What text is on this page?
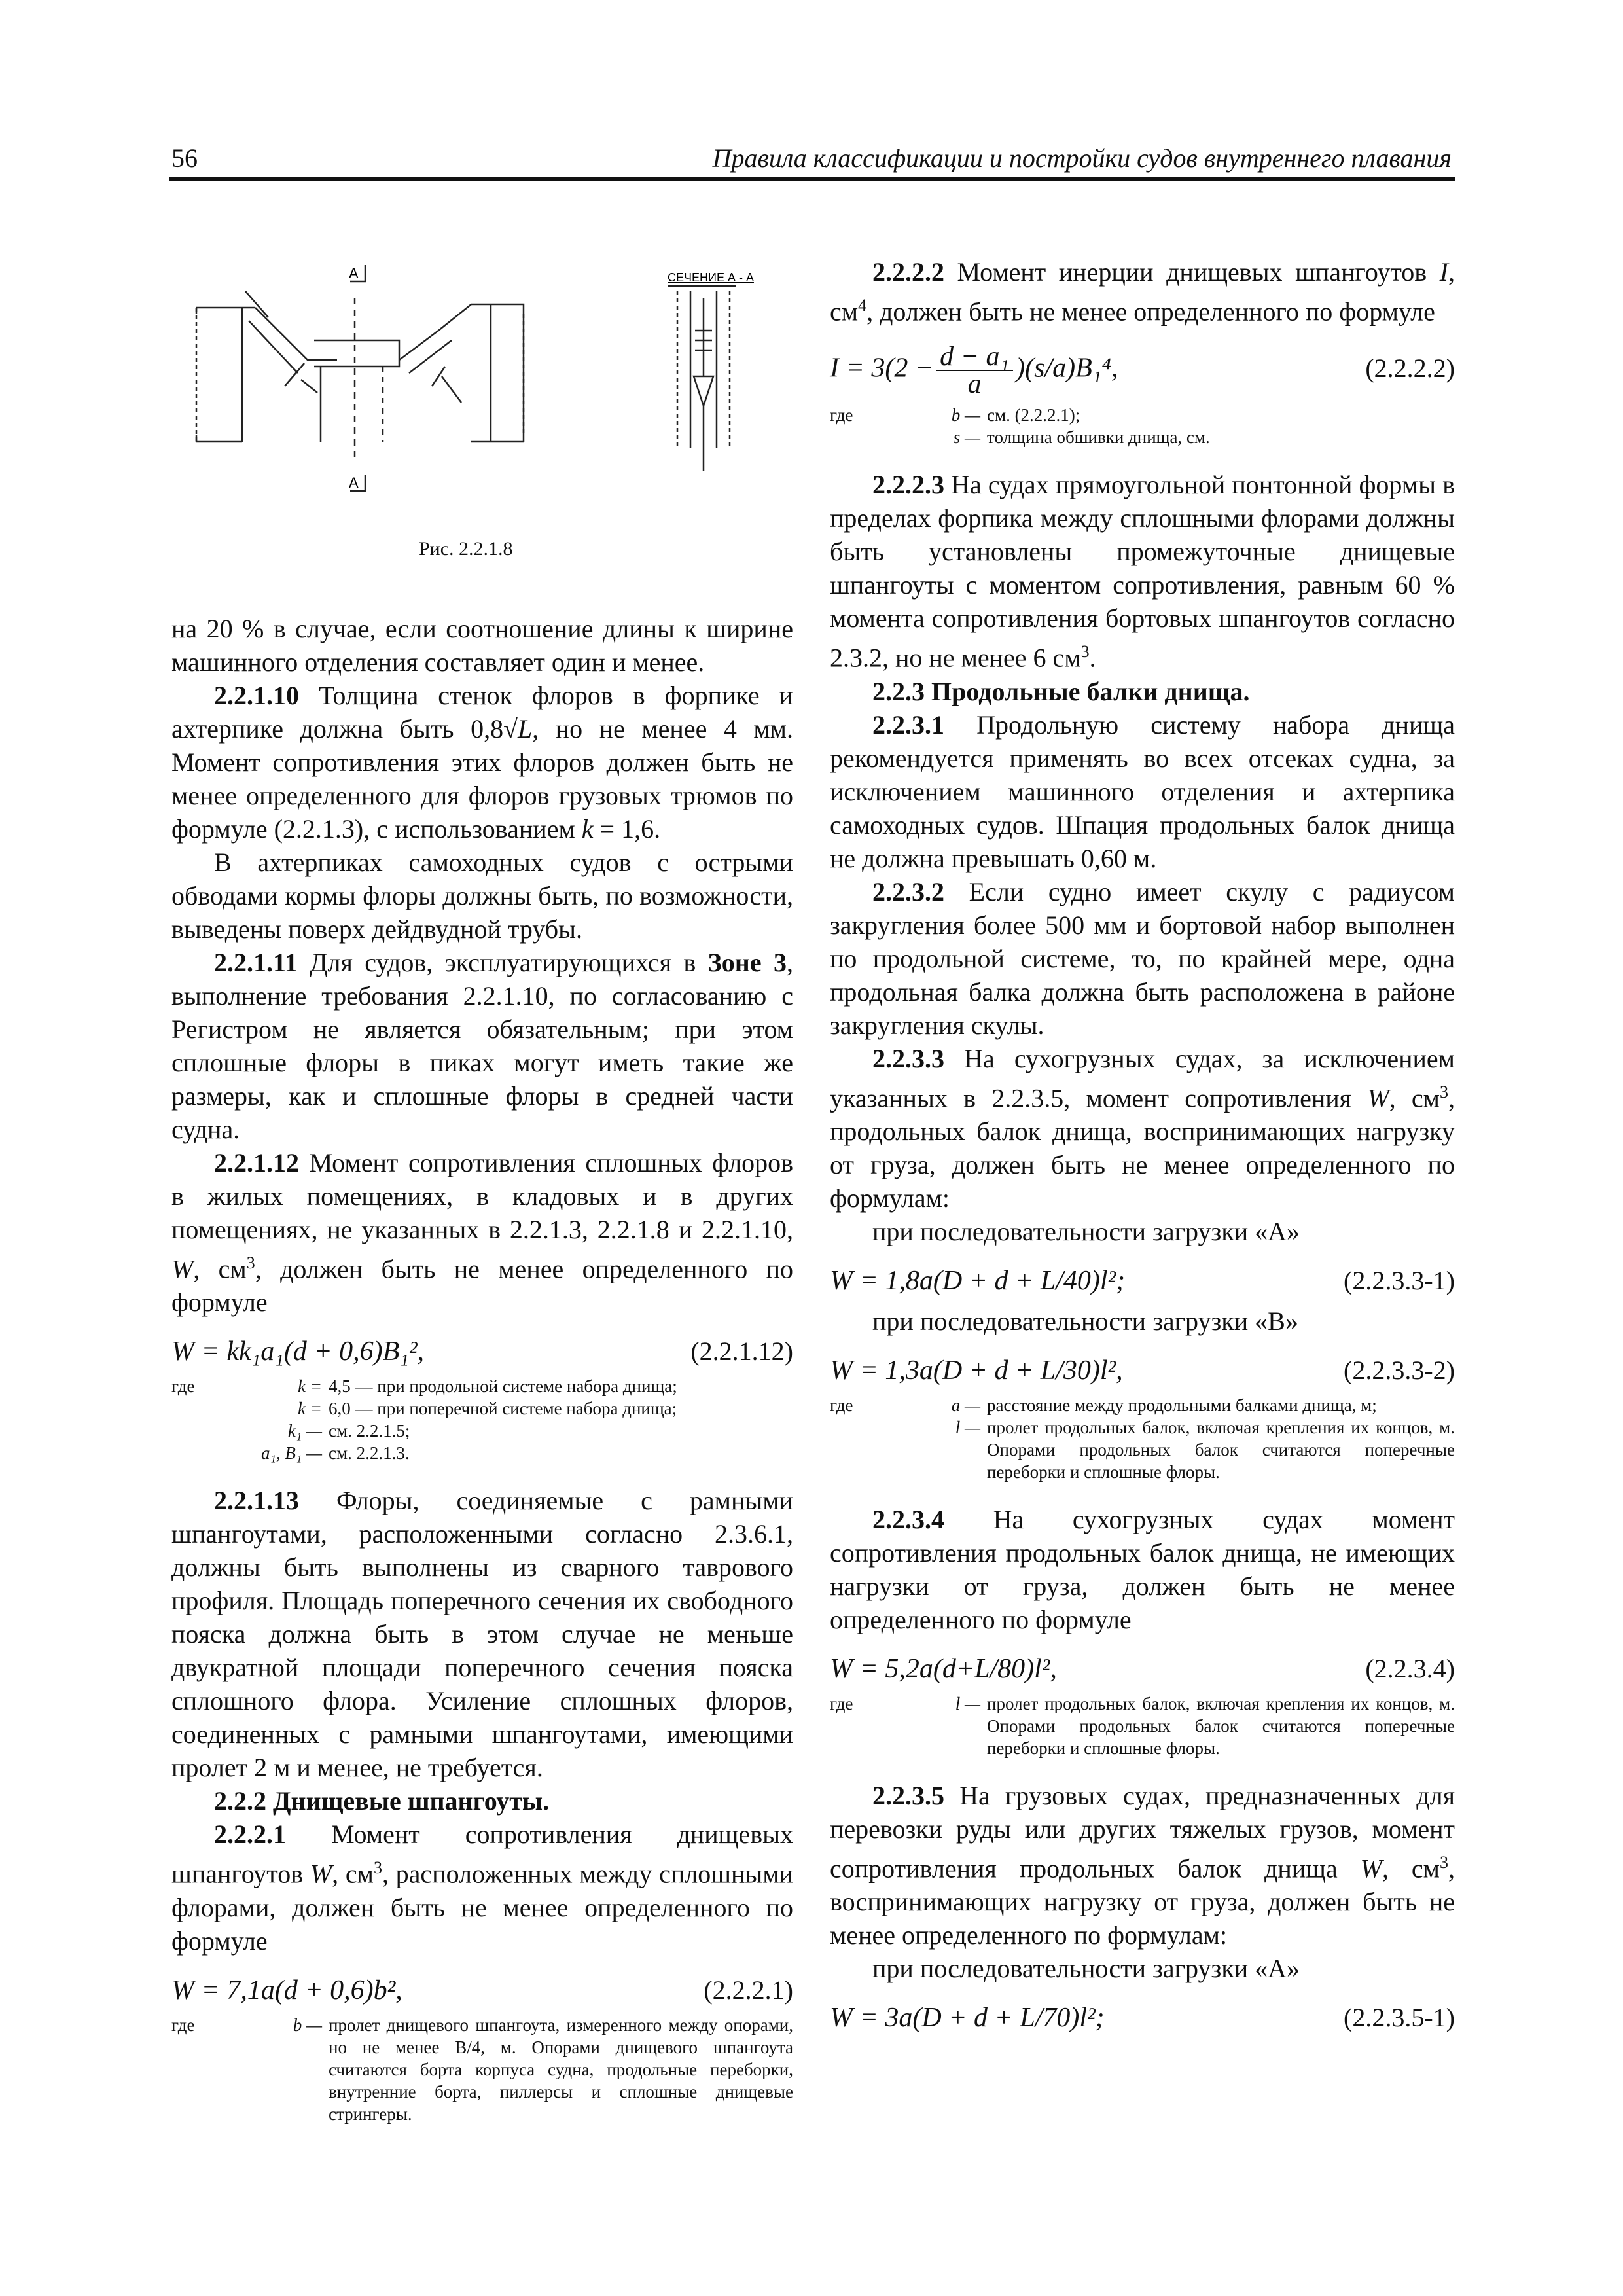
56	Правила классификации и постройки судов внутреннего плавания
А
А
СЕЧЕНИЕ А - А
Рис. 2.2.1.8

на 20 % в случае, если соотношение длины к ширине машинного отделения составляет один и менее.

2.2.1.10 Толщина стенок флоров в форпике и ахтерпике должна быть 0,8√L, но не менее 4 мм. Момент сопротивления этих флоров должен быть не менее определенного для флоров грузовых трюмов по формуле (2.2.1.3), с использованием k = 1,6.

В ахтерпиках самоходных судов с острыми обводами кормы флоры должны быть, по возможности, выведены поверх дейдвудной трубы.

2.2.1.11 Для судов, эксплуатирующихся в Зоне 3, выполнение требования 2.2.1.10, по согласованию с Регистром не является обязательным; при этом сплошные флоры в пиках могут иметь такие же размеры, как и сплошные флоры в средней части судна.

2.2.1.12 Момент сопротивления сплошных флоров в жилых помещениях, в кладовых и в других помещениях, не указанных в 2.2.1.3, 2.2.1.8 и 2.2.1.10, W, $см^3$, должен быть не менее определенного по формуле

W = kk₁a₁(d + 0,6)B₁²,	(2.2.1.12)
где	k = 4,5 — при продольной системе набора днища;
k = 6,0 — при поперечной системе набора днища;
k₁ — см. 2.2.1.5;
a₁, B₁ — см. 2.2.1.3.

2.2.1.13 Флоры, соединяемые с рамными шпангоутами, расположенными согласно 2.3.6.1, должны быть выполнены из сварного таврового профиля. Площадь поперечного сечения их свободного пояска должна быть в этом случае не меньше двукратной площади поперечного сечения пояска сплошного флора. Усиление сплошных флоров, соединенных с рамными шпангоутами, имеющими пролет 2 м и менее, не требуется.

2.2.2 Днищевые шпангоуты.

2.2.2.1 Момент сопротивления днищевых шпангоутов W, $см^3$, расположенных между сплошными флорами, должен быть не менее определенного по формуле

W = 7,1a(d + 0,6)b²,	(2.2.2.1)
где	b — пролет днищевого шпангоута, измеренного между опорами, но не менее B/4, м. Опорами днищевого шпангоута считаются борта корпуса судна, продольные переборки, внутренние борта, пиллерсы и сплошные днищевые стрингеры.

2.2.2.2 Момент инерции днищевых шпангоутов I, $см^4$, должен быть не менее определенного по формуле

$I = 3(2 - \frac{\text{d − a₁}}{a} )(s/a)B_1^4$,	(2.2.2.2)
где	b — см. (2.2.2.1);
s — толщина обшивки днища, см.

2.2.2.3 На судах прямоугольной понтонной формы в пределах форпика между сплошными флорами должны быть установлены промежуточные днищевые шпангоуты с моментом сопротивления, равным 60 % момента сопротивления бортовых шпангоутов согласно 2.3.2, но не менее 6 $см^3$.

2.2.3 Продольные балки днища.

2.2.3.1 Продольную систему набора днища рекомендуется применять во всех отсеках судна, за исключением машинного отделения и ахтерпика самоходных судов. Шпация продольных балок днища не должна превышать 0,60 м.

2.2.3.2 Если судно имеет скулу с радиусом закругления более 500 мм и бортовой набор выполнен по продольной системе, то, по крайней мере, одна продольная балка должна быть расположена в районе закругления скулы.

2.2.3.3 На сухогрузных судах, за исключением указанных в 2.2.3.5, момент сопротивления W, $см^3$, продольных балок днища, воспринимающих нагрузку от груза, должен быть не менее определенного по формулам:

при последовательности загрузки «А»

W = 1,8a(D + d + L/40)l²;	(2.2.3.3-1)

при последовательности загрузки «В»

W = 1,3a(D + d + L/30)l²,	(2.2.3.3-2)
где	a — расстояние между продольными балками днища, м;
l — пролет продольных балок, включая крепления их концов, м. Опорами продольных балок считаются поперечные переборки и сплошные флоры.

2.2.3.4 На сухогрузных судах момент сопротивления продольных балок днища, не имеющих нагрузки от груза, должен быть не менее определенного по формуле

W = 5,2a(d+L/80)l²,	(2.2.3.4)
где	l — пролет продольных балок, включая крепления их концов, м. Опорами продольных балок считаются поперечные переборки и сплошные флоры.

2.2.3.5 На грузовых судах, предназначенных для перевозки руды или других тяжелых грузов, момент сопротивления продольных балок днища W, $см^3$, воспринимающих нагрузку от груза, должен быть не менее определенного по формулам:

при последовательности загрузки «А»

W = 3a(D + d + L/70)l²;	(2.2.3.5-1)
